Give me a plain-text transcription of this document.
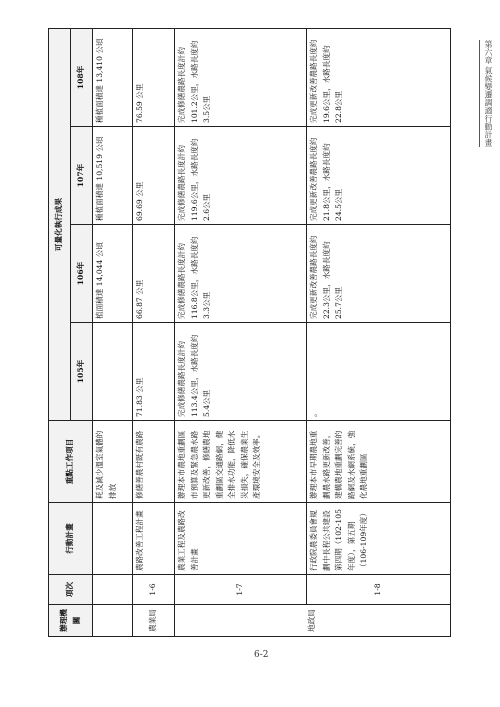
第六章 氣候變遷調適行動計畫
辦理機關	項次	行動計畫	重點工作項目	可量化執行成果			
				105年	106年	107年	108年
			耗及減少溫室氣體的排放		植面積達 14,044 公頃	種植面積達 10,519 公頃	種植面積達 13,410 公頃
農業局	1-6	農路改善工程計畫	修繕善農村既有農路	71.83 公里	66.87 公里	69.69 公里	76.59 公里
地政局	1-7	農業工程及農路改善計畫	辦理本市農地重劃區市預算及緊急農水路更新改善，修繕農地重劃區交通路網，健全排水功能，降低水災損失，確保農業生產環境安全及效率。	完成修繕農路長度計約113.4公里，水路長度約5.4公里	完成修繕農路長度計約116.8公里，水路長度約3.3公里	完成修繕農路長度計約119.6公里，水路長度約2.6公里	完成修繕農路長度計約101.2公里，水路長度約3.5公里
	1-8	行政院農委員會規劃中長程公共建設第四期（102-105年度），第五期（106-109年度）	辦理本市早期農地重劃農水路更新改善，建構農地重劃完善的路網及水網系統，強化農地重劃區	。	完成更新改善農路長度約22.3公里，水路長度約25.7公里	完成更新改善農路長度約21.8公里，水路長度約24.5公里	完成更新改善農路長度約19.6公里，水路長度約22.8公里
6-2
